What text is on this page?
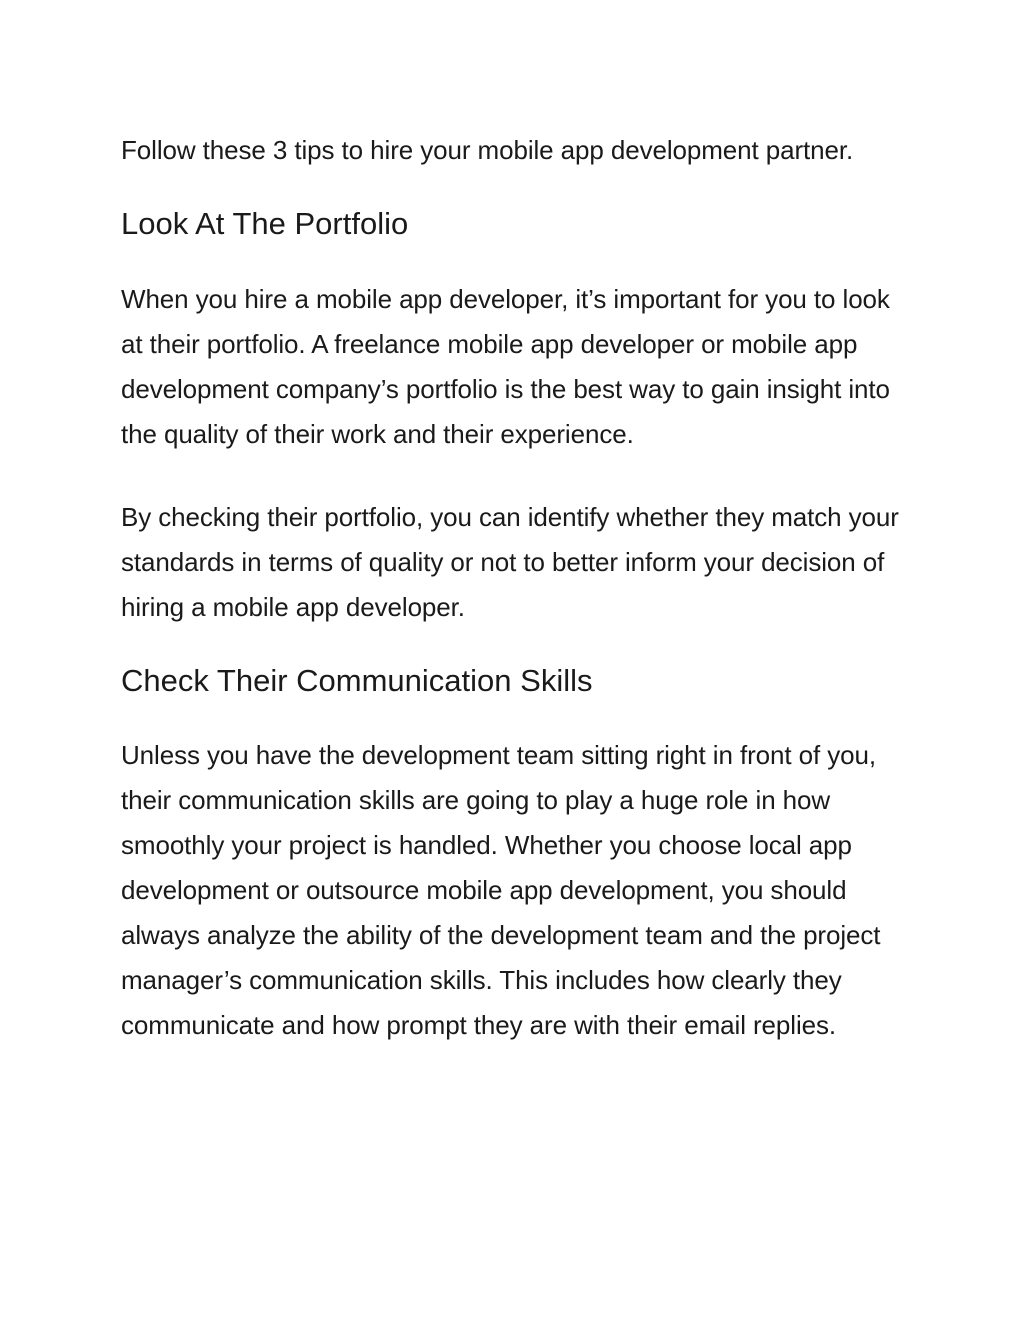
Follow these 3 tips to hire your mobile app development partner.

Look At The Portfolio

When you hire a mobile app developer, it’s important for you to look at their portfolio. A freelance mobile app developer or mobile app development company’s portfolio is the best way to gain insight into the quality of their work and their experience.

By checking their portfolio, you can identify whether they match your standards in terms of quality or not to better inform your decision of hiring a mobile app developer.

Check Their Communication Skills

Unless you have the development team sitting right in front of you, their communication skills are going to play a huge role in how smoothly your project is handled. Whether you choose local app development or outsource mobile app development, you should always analyze the ability of the development team and the project manager’s communication skills. This includes how clearly they communicate and how prompt they are with their email replies.
